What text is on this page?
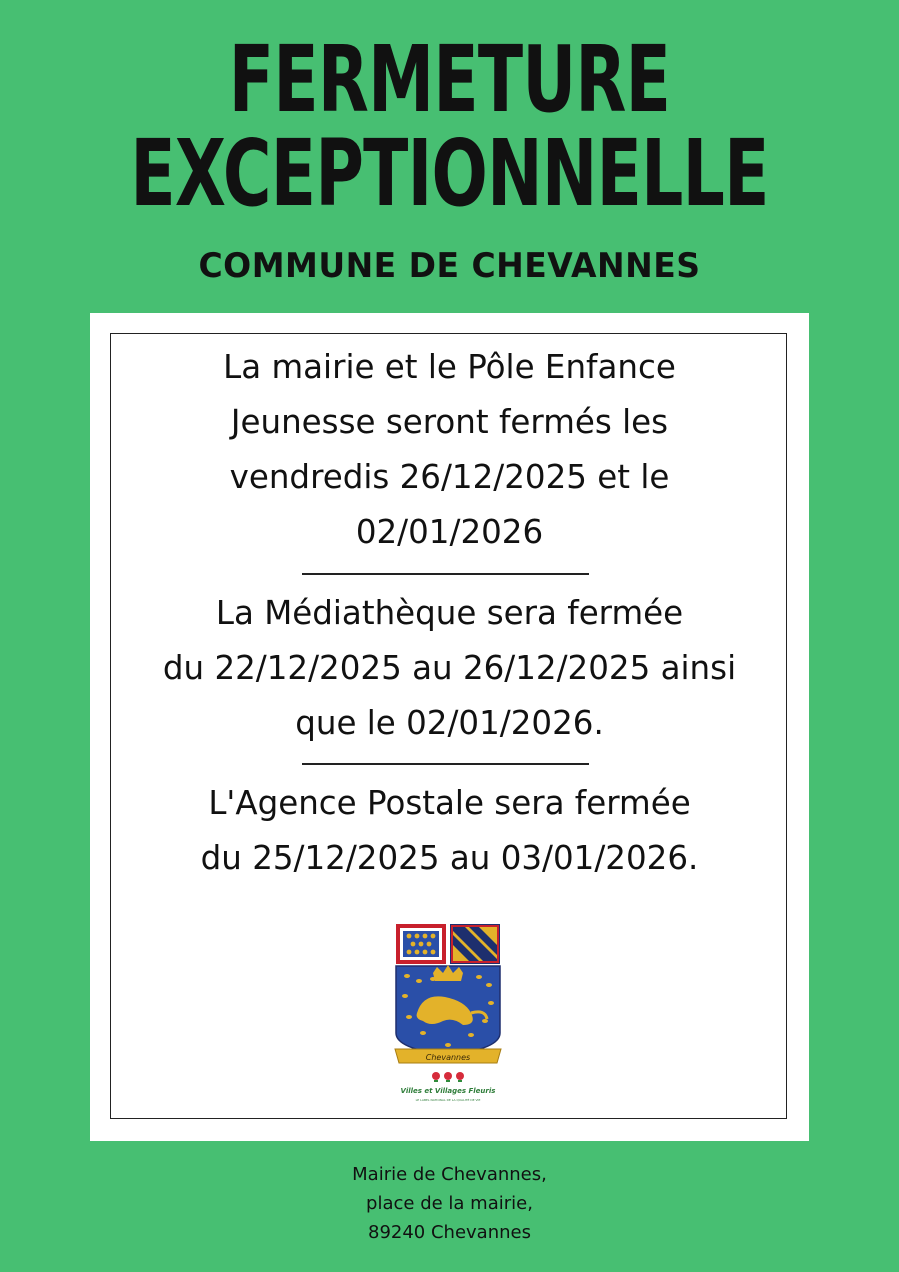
FERMETURE
EXCEPTIONNELLE
COMMUNE DE CHEVANNES
La mairie et le Pôle Enfance
Jeunesse seront fermés les
vendredis 26/12/2025 et le
02/01/2026
La Médiathèque sera fermée
du 22/12/2025 au 26/12/2025 ainsi
que le 02/01/2026.
L'Agence Postale sera fermée
du 25/12/2025 au 03/01/2026.
Chevannes
Villes et Villages Fleuris
LE LABEL NATIONAL DE LA QUALITÉ DE VIE
Mairie de Chevannes,
place de la mairie,
89240 Chevannes
